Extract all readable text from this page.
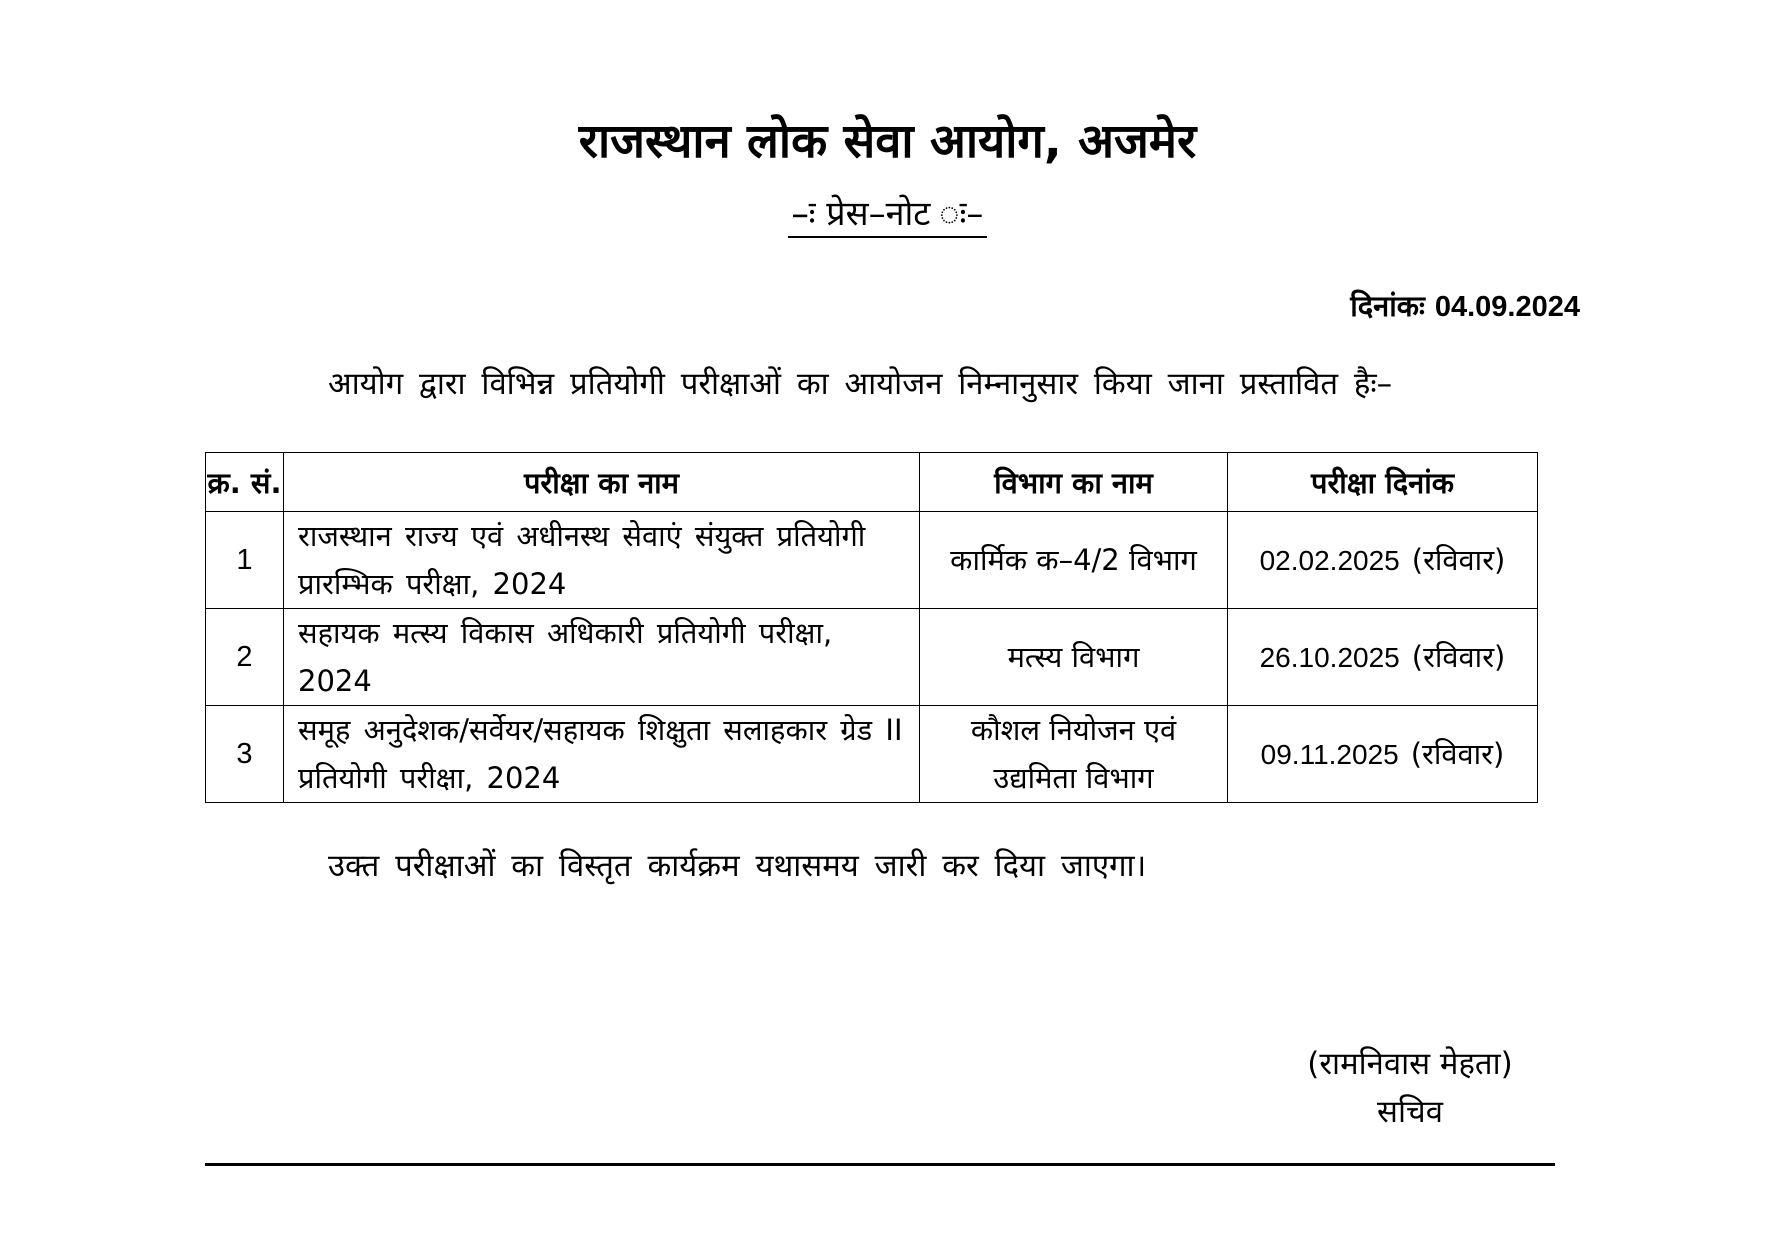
राजस्थान लोक सेवा आयोग, अजमेर
–ः प्रेस–नोट ः–
दिनांकः 04.09.2024
आयोग द्वारा विभिन्न प्रतियोगी परीक्षाओं का आयोजन निम्नानुसार किया जाना प्रस्तावित हैः–
क्र. सं.	परीक्षा का नाम	विभाग का नाम	परीक्षा दिनांक
1	राजस्थान राज्य एवं अधीनस्थ सेवाएं संयुक्त प्रतियोगी प्रारम्भिक परीक्षा, 2024	कार्मिक क–4/2 विभाग	02.02.2025 (रविवार)
2	सहायक मत्स्य विकास अधिकारी प्रतियोगी परीक्षा, 2024	मत्स्य विभाग	26.10.2025 (रविवार)
3	समूह अनुदेशक/सर्वेयर/सहायक शिक्षुता सलाहकार ग्रेड II प्रतियोगी परीक्षा, 2024	कौशल नियोजन एवं उद्यमिता विभाग	09.11.2025 (रविवार)
उक्त परीक्षाओं का विस्तृत कार्यक्रम यथासमय जारी कर दिया जाएगा।
(रामनिवास मेहता)
सचिव
